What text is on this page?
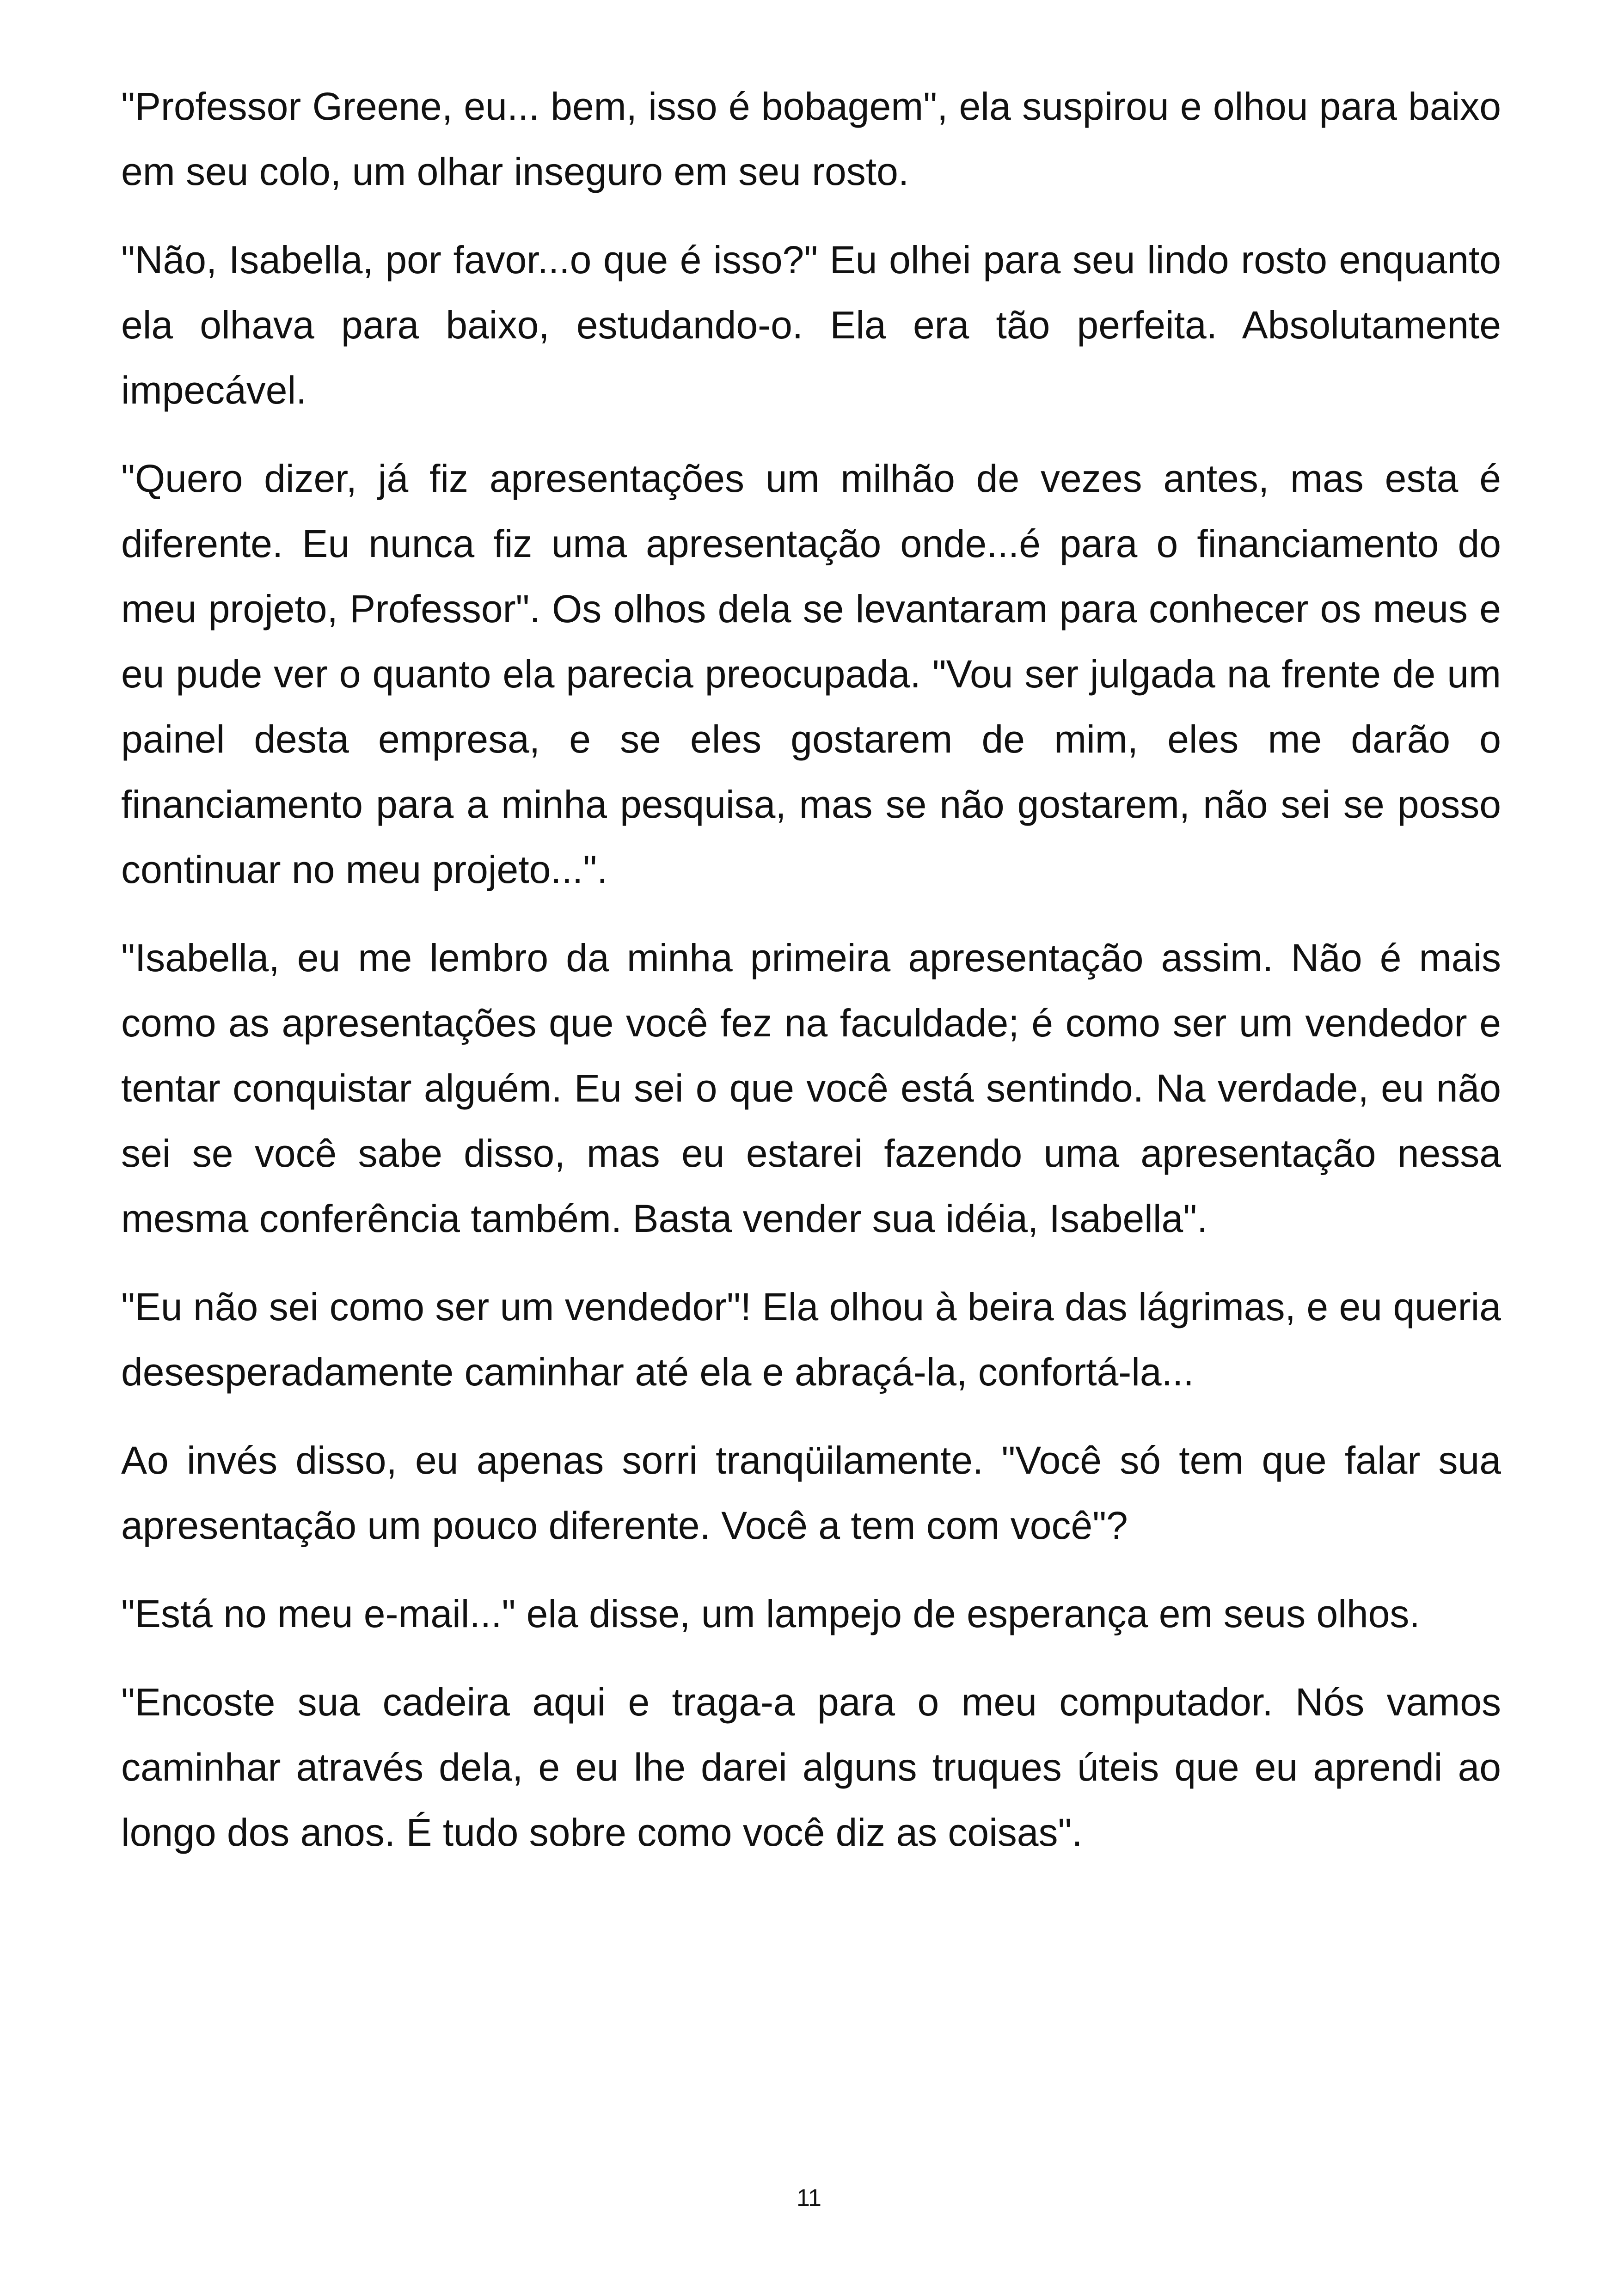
"Professor Greene, eu... bem, isso é bobagem", ela suspirou e olhou para baixo em seu colo, um olhar inseguro em seu rosto.

"Não, Isabella, por favor...o que é isso?" Eu olhei para seu lindo rosto enquanto ela olhava para baixo, estudando-o. Ela era tão perfeita. Absolutamente impecável.

"Quero dizer, já fiz apresentações um milhão de vezes antes, mas esta é diferente. Eu nunca fiz uma apresentação onde...é para o financiamento do meu projeto, Professor". Os olhos dela se levantaram para conhecer os meus e eu pude ver o quanto ela parecia preocupada. "Vou ser julgada na frente de um painel desta empresa, e se eles gostarem de mim, eles me darão o financiamento para a minha pesquisa, mas se não gostarem, não sei se posso continuar no meu projeto...".

"Isabella, eu me lembro da minha primeira apresentação assim. Não é mais como as apresentações que você fez na faculdade; é como ser um vendedor e tentar conquistar alguém. Eu sei o que você está sentindo. Na verdade, eu não sei se você sabe disso, mas eu estarei fazendo uma apresentação nessa mesma conferência também. Basta vender sua idéia, Isabella".

"Eu não sei como ser um vendedor"! Ela olhou à beira das lágrimas, e eu queria desesperadamente caminhar até ela e abraçá-la, confortá-la...

Ao invés disso, eu apenas sorri tranqüilamente. "Você só tem que falar sua apresentação um pouco diferente. Você a tem com você"?

"Está no meu e-mail..." ela disse, um lampejo de esperança em seus olhos.

"Encoste sua cadeira aqui e traga-a para o meu computador. Nós vamos caminhar através dela, e eu lhe darei alguns truques úteis que eu aprendi ao longo dos anos. É tudo sobre como você diz as coisas".

11
